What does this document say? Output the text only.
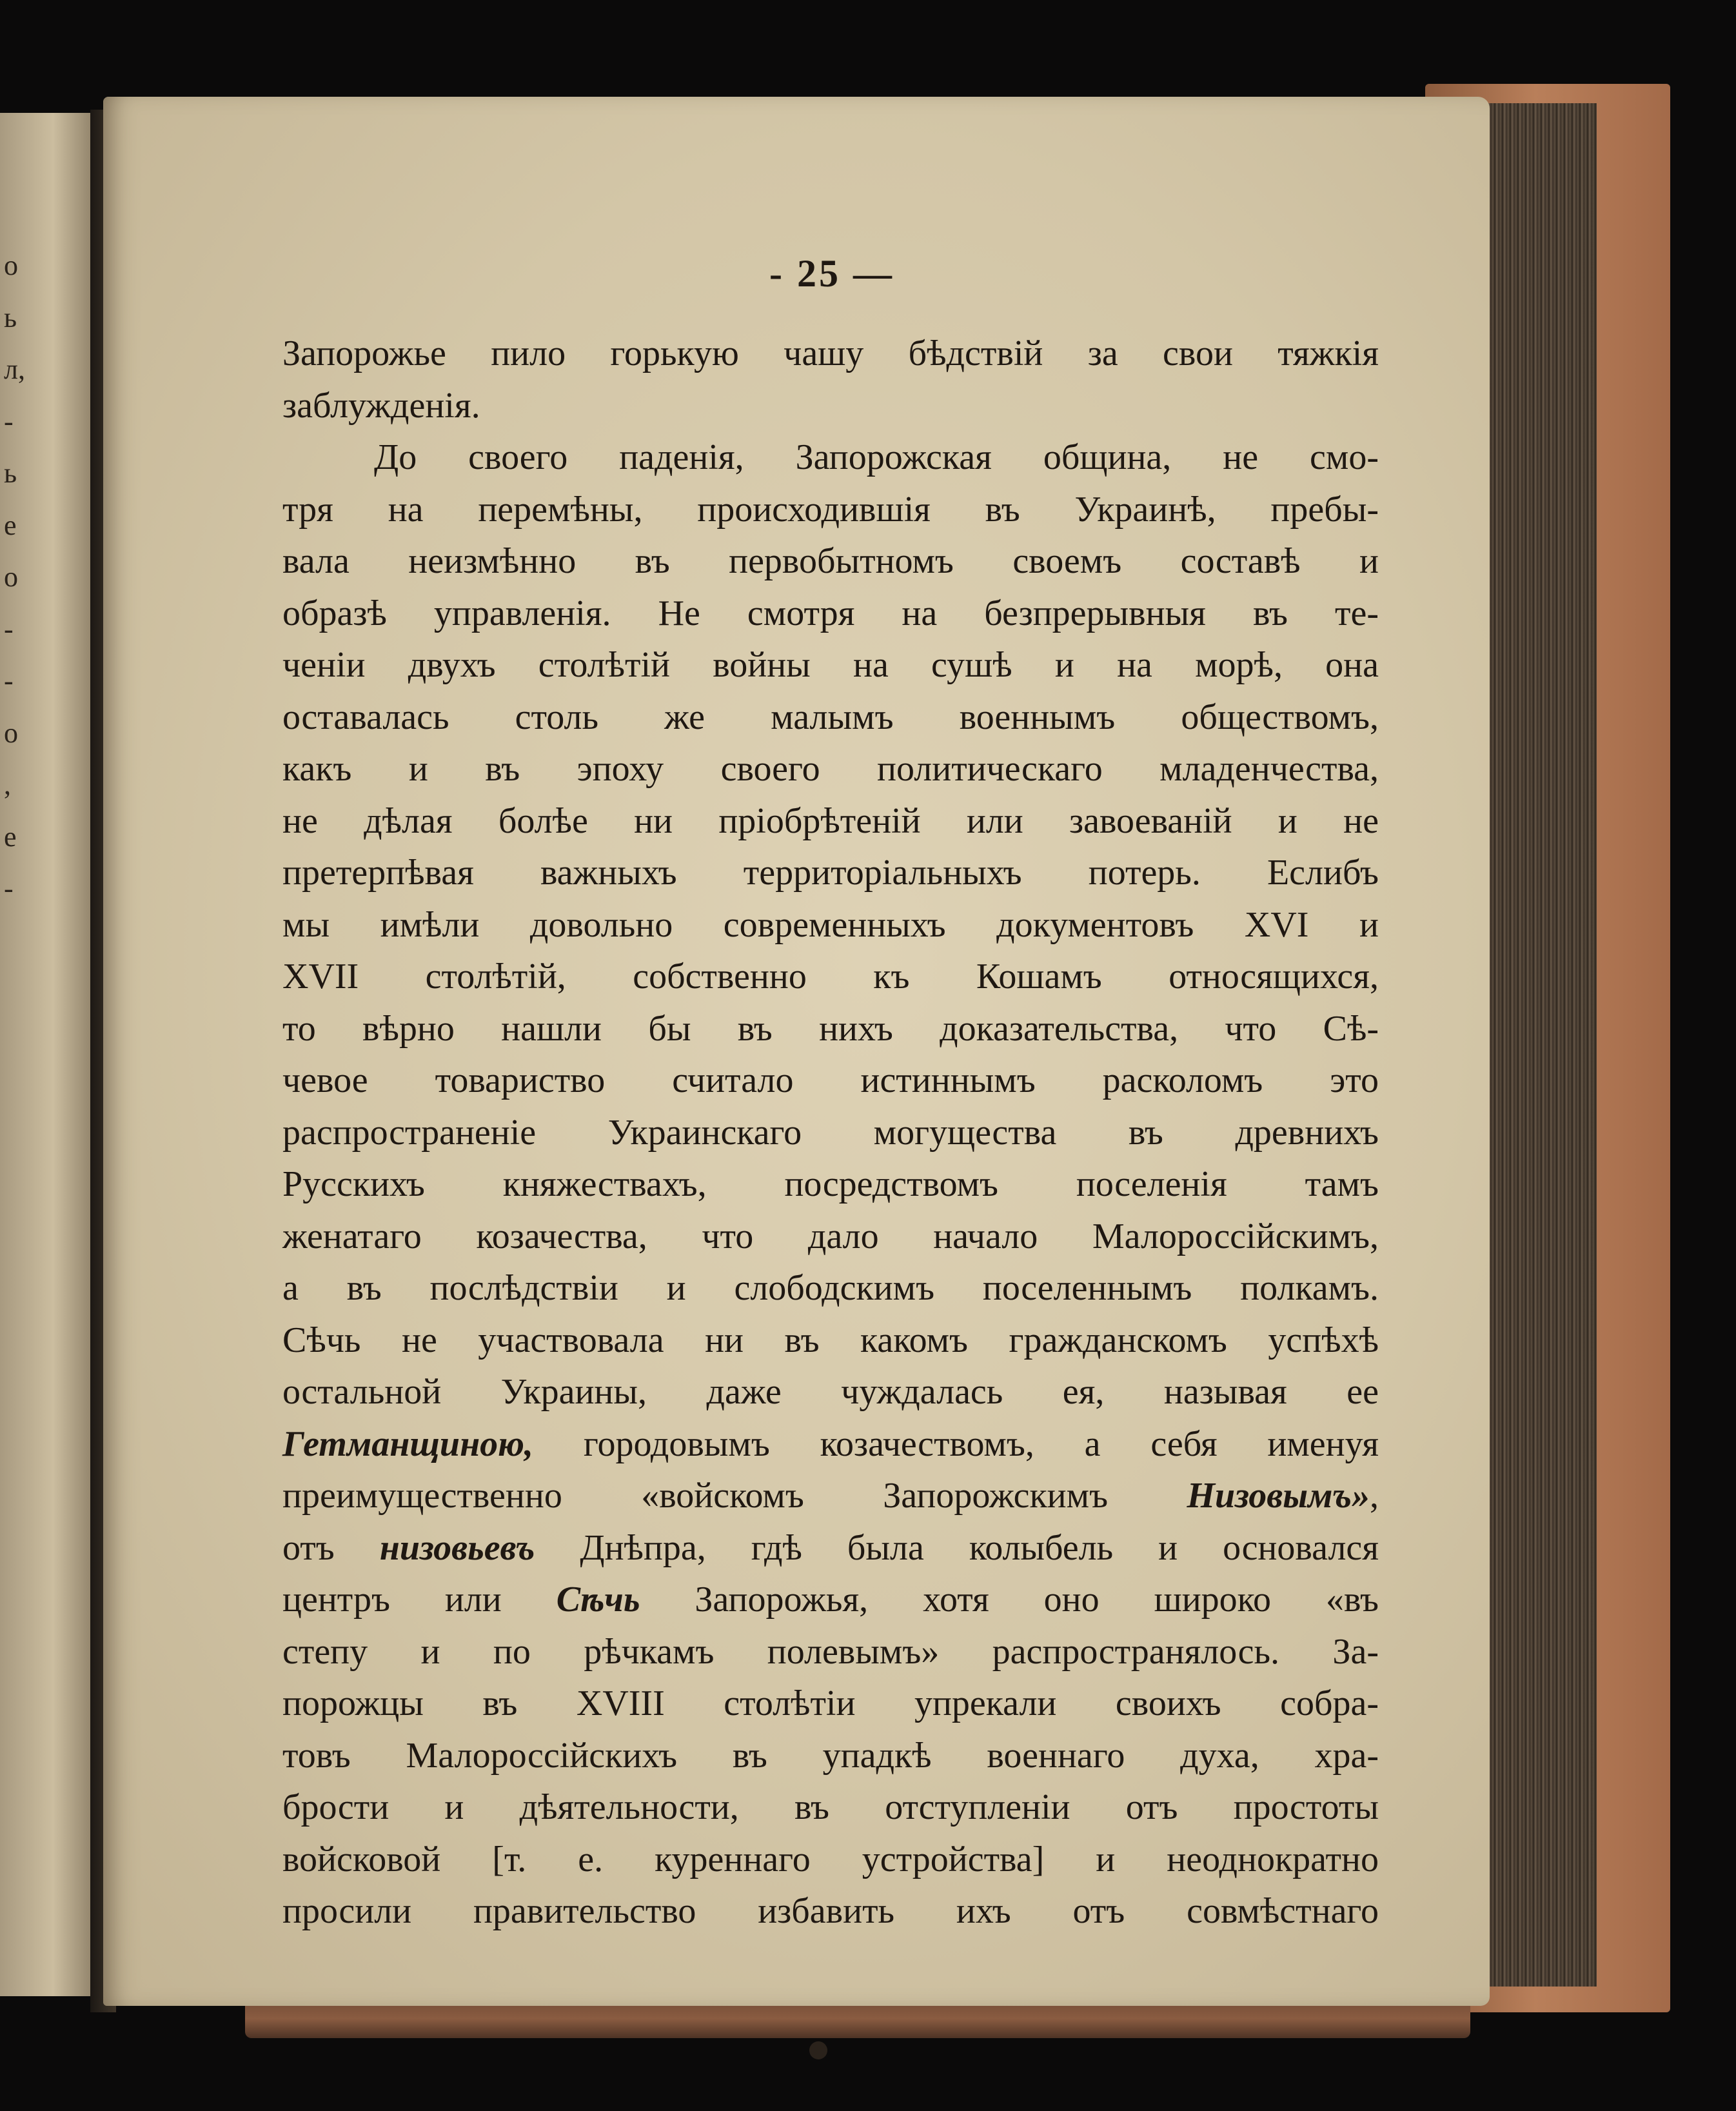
о
ь
л,
-
ь
е
о
-
-
о
,
е
-
- 25 —
Запорожье пило горькую чашу бѣдствій за свои тяжкія
заблужденія.
До своего паденія, Запорожская община, не смо-
тря на перемѣны, происходившія въ Украинѣ, пребы-
вала неизмѣнно въ первобытномъ своемъ составѣ и
образѣ управленія. Не смотря на безпрерывныя въ те-
ченіи двухъ столѣтій войны на сушѣ и на морѣ, она
оставалась столь же малымъ военнымъ обществомъ,
какъ и въ эпоху своего политическаго младенчества,
не дѣлая болѣе ни пріобрѣтеній или завоеваній и не
претерпѣвая важныхъ территоріальныхъ потерь. Еслибъ
мы имѣли довольно современныхъ документовъ XVI и
XVII столѣтій, собственно къ Кошамъ относящихся,
то вѣрно нашли бы въ нихъ доказательства, что Сѣ-
чевое товариство считало истиннымъ расколомъ это
распространеніе Украинскаго могущества въ древнихъ
Русскихъ княжествахъ, посредствомъ поселенія тамъ
женатаго козачества, что дало начало Малороссійскимъ,
а въ послѣдствіи и слободскимъ поселеннымъ полкамъ.
Сѣчь не участвовала ни въ какомъ гражданскомъ успѣхѣ
остальной Украины, даже чуждалась ея, называя ее
Гетманщиною, городовымъ козачествомъ, а себя именуя
преимущественно «войскомъ Запорожскимъ Низовымъ»,
отъ низовьевъ Днѣпра, гдѣ была колыбель и основался
центръ или Сѣчь Запорожья, хотя оно широко «въ
степу и по рѣчкамъ полевымъ» распространялось. За-
порожцы въ XVIII столѣтіи упрекали своихъ собра-
товъ Малороссійскихъ въ упадкѣ военнаго духа, хра-
брости и дѣятельности, въ отступленіи отъ простоты
войсковой [т. е. куреннаго устройства] и неоднократно
просили правительство избавить ихъ отъ совмѣстнаго
